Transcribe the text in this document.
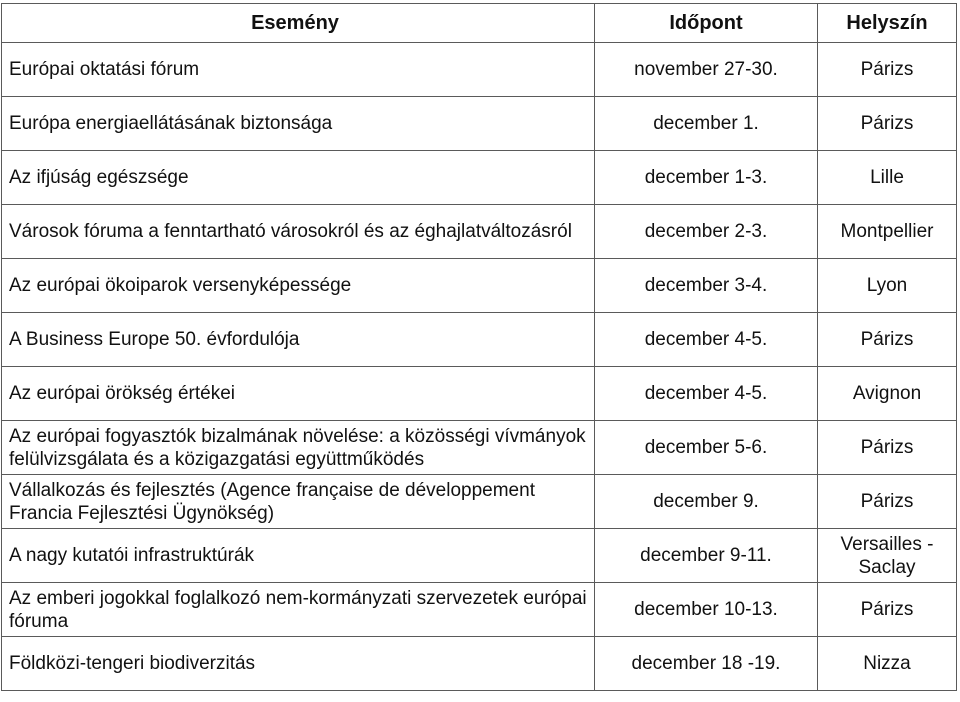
Esemény	Időpont	Helyszín
Európai oktatási fórum	november 27-30.	Párizs
Európa energiaellátásának biztonsága	december 1.	Párizs
Az ifjúság egészsége	december 1-3.	Lille
Városok fóruma a fenntartható városokról és az éghajlatváltozásról	december 2-3.	Montpellier
Az európai ökoiparok versenyképessége	december 3-4.	Lyon
A Business Europe 50. évfordulója	december 4-5.	Párizs
Az európai örökség értékei	december 4-5.	Avignon
Az európai fogyasztók bizalmának növelése: a közösségi vívmányok felülvizsgálata és a közigazgatási együttműködés	december 5-6.	Párizs
Vállalkozás és fejlesztés (Agence française de développement Francia Fejlesztési Ügynökség)	december 9.	Párizs
A nagy kutatói infrastruktúrák	december 9-11.	Versailles - Saclay
Az emberi jogokkal foglalkozó nem-kormányzati szervezetek európai fóruma	december 10-13.	Párizs
Földközi-tengeri biodiverzitás	december 18 -19.	Nizza
